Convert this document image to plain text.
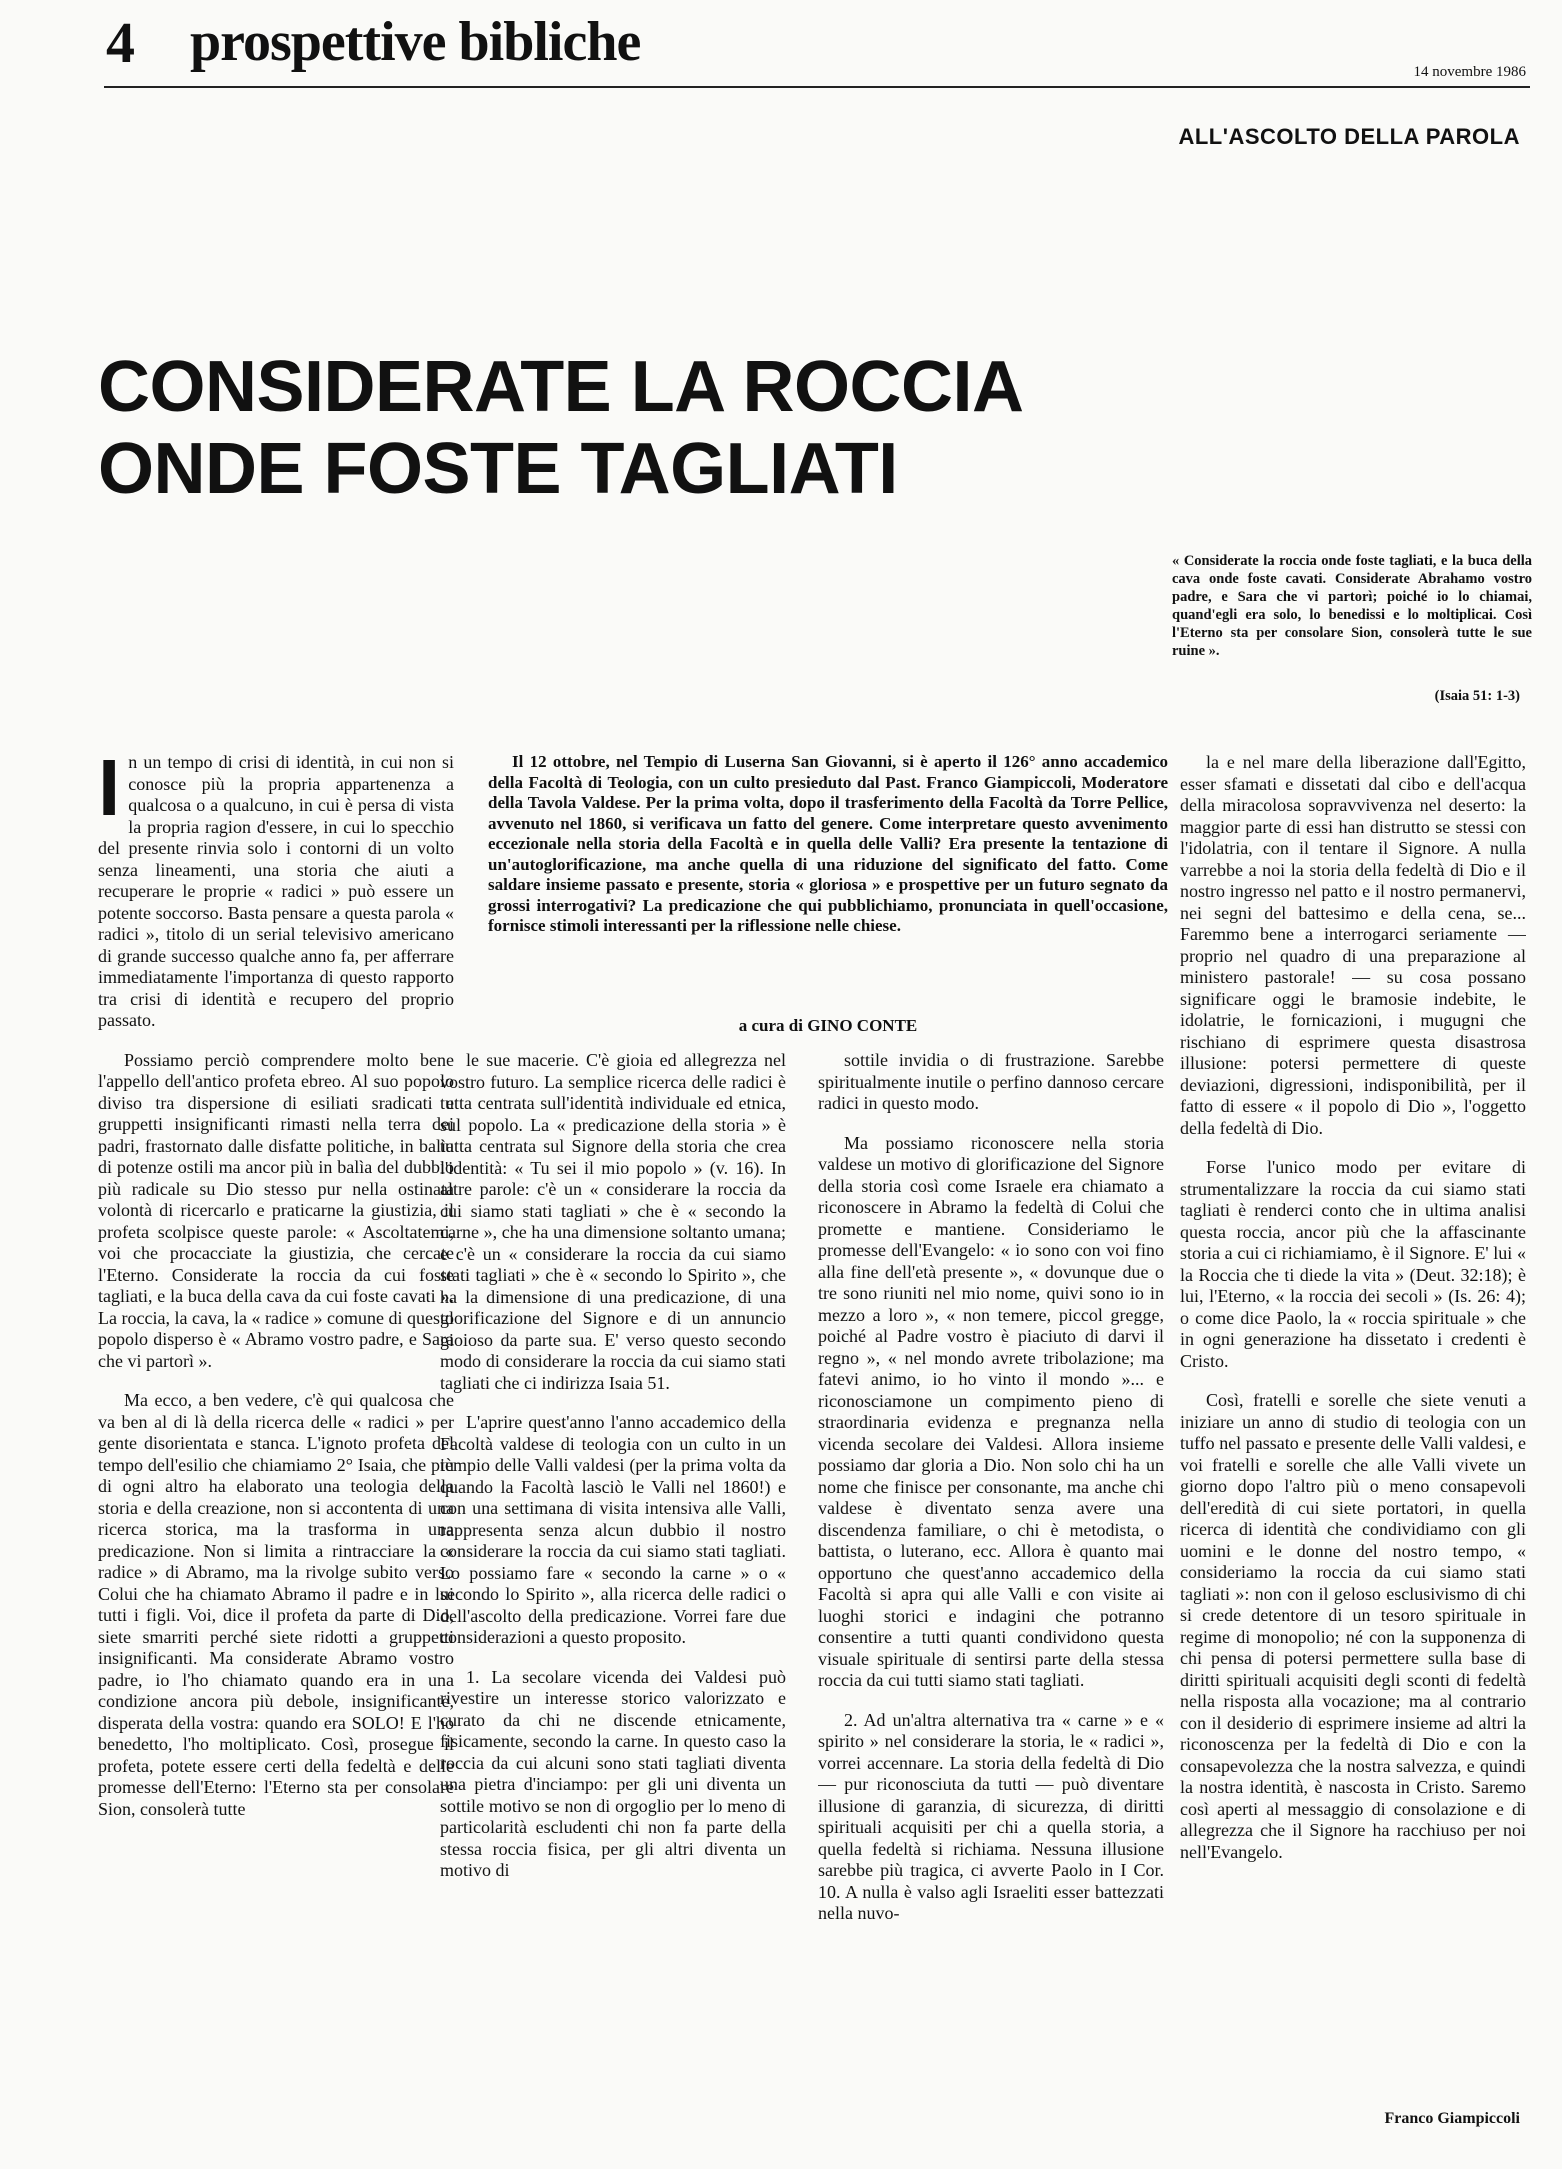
4 prospettive bibliche	14 novembre 1986
ALL'ASCOLTO DELLA PAROLA
CONSIDERATE LA ROCCIA
ONDE FOSTE TAGLIATI
« Considerate la roccia onde foste tagliati, e la buca della cava onde foste cavati. Considerate Abrahamo vostro padre, e Sara che vi partorì; poiché io lo chiamai, quand'egli era solo, lo benedissi e lo moltiplicai. Così l'Eterno sta per consolare Sion, consolerà tutte le sue ruine ».
(Isaia 51: 1-3)

Il 12 ottobre, nel Tempio di Luserna San Giovanni, si è aperto il 126° anno accademico della Facoltà di Teologia, con un culto presieduto dal Past. Franco Giampiccoli, Moderatore della Tavola Valdese. Per la prima volta, dopo il trasferimento della Facoltà da Torre Pellice, avvenuto nel 1860, si verificava un fatto del genere. Come interpretare questo avvenimento eccezionale nella storia della Facoltà e in quella delle Valli? Era presente la tentazione di un'autoglorificazione, ma anche quella di una riduzione del significato del fatto. Come saldare insieme passato e presente, storia « gloriosa » e prospettive per un futuro segnato da grossi interrogativi? La predicazione che qui pubblichiamo, pronunciata in quell'occasione, fornisce stimoli interessanti per la riflessione nelle chiese.

a cura di GINO CONTE

In un tempo di crisi di identità, in cui non si conosce più la propria appartenenza a qualcosa o a qualcuno, in cui è persa di vista la propria ragion d'essere, in cui lo specchio del presente rinvia solo i contorni di un volto senza lineamenti, una storia che aiuti a recuperare le proprie « radici » può essere un potente soccorso. Basta pensare a questa parola « radici », titolo di un serial televisivo americano di grande successo qualche anno fa, per afferrare immediatamente l'importanza di questo rapporto tra crisi di identità e recupero del proprio passato.

Possiamo perciò comprendere molto bene l'appello dell'antico profeta ebreo. Al suo popolo diviso tra dispersione di esiliati sradicati e gruppetti insignificanti rimasti nella terra dei padri, frastornato dalle disfatte politiche, in balìa di potenze ostili ma ancor più in balìa del dubbio più radicale su Dio stesso pur nella ostinata volontà di ricercarlo e praticarne la giustizia, il profeta scolpisce queste parole: « Ascoltatemi, voi che procacciate la giustizia, che cercate l'Eterno. Considerate la roccia da cui foste tagliati, e la buca della cava da cui foste cavati ». La roccia, la cava, la « radice » comune di questo popolo disperso è « Abramo vostro padre, e Sara che vi partorì ».

Ma ecco, a ben vedere, c'è qui qualcosa che va ben al di là della ricerca delle « radici » per gente disorientata e stanca. L'ignoto profeta del tempo dell'esilio che chiamiamo 2° Isaia, che più di ogni altro ha elaborato una teologia della storia e della creazione, non si accontenta di una ricerca storica, ma la trasforma in una predicazione. Non si limita a rintracciare la « radice » di Abramo, ma la rivolge subito verso Colui che ha chiamato Abramo il padre e in lui tutti i figli. Voi, dice il profeta da parte di Dio, siete smarriti perché siete ridotti a gruppetti insignificanti. Ma considerate Abramo vostro padre, io l'ho chiamato quando era in una condizione ancora più debole, insignificante, disperata della vostra: quando era SOLO! E l'ho benedetto, l'ho moltiplicato. Così, prosegue il profeta, potete essere certi della fedeltà e delle promesse dell'Eterno: l'Eterno sta per consolare Sion, consolerà tutte

le sue macerie. C'è gioia ed allegrezza nel vostro futuro. La semplice ricerca delle radici è tutta centrata sull'identità individuale ed etnica, sul popolo. La « predicazione della storia » è tutta centrata sul Signore della storia che crea l'identità: « Tu sei il mio popolo » (v. 16). In altre parole: c'è un « considerare la roccia da cui siamo stati tagliati » che è « secondo la carne », che ha una dimensione soltanto umana; e c'è un « considerare la roccia da cui siamo stati tagliati » che è « secondo lo Spirito », che ha la dimensione di una predicazione, di una glorificazione del Signore e di un annuncio gioioso da parte sua. E' verso questo secondo modo di considerare la roccia da cui siamo stati tagliati che ci indirizza Isaia 51.

L'aprire quest'anno l'anno accademico della Facoltà valdese di teologia con un culto in un tempio delle Valli valdesi (per la prima volta da quando la Facoltà lasciò le Valli nel 1860!) e con una settimana di visita intensiva alle Valli, rappresenta senza alcun dubbio il nostro considerare la roccia da cui siamo stati tagliati. Lo possiamo fare « secondo la carne » o « secondo lo Spirito », alla ricerca delle radici o dell'ascolto della predicazione. Vorrei fare due considerazioni a questo proposito.

1. La secolare vicenda dei Valdesi può rivestire un interesse storico valorizzato e curato da chi ne discende etnicamente, fisicamente, secondo la carne. In questo caso la roccia da cui alcuni sono stati tagliati diventa una pietra d'inciampo: per gli uni diventa un sottile motivo se non di orgoglio per lo meno di particolarità escludenti chi non fa parte della stessa roccia fisica, per gli altri diventa un motivo di

sottile invidia o di frustrazione. Sarebbe spiritualmente inutile o perfino dannoso cercare radici in questo modo.

Ma possiamo riconoscere nella storia valdese un motivo di glorificazione del Signore della storia così come Israele era chiamato a riconoscere in Abramo la fedeltà di Colui che promette e mantiene. Consideriamo le promesse dell'Evangelo: « io sono con voi fino alla fine dell'età presente », « dovunque due o tre sono riuniti nel mio nome, quivi sono io in mezzo a loro », « non temere, piccol gregge, poiché al Padre vostro è piaciuto di darvi il regno », « nel mondo avrete tribolazione; ma fatevi animo, io ho vinto il mondo »... e riconosciamone un compimento pieno di straordinaria evidenza e pregnanza nella vicenda secolare dei Valdesi. Allora insieme possiamo dar gloria a Dio. Non solo chi ha un nome che finisce per consonante, ma anche chi valdese è diventato senza avere una discendenza familiare, o chi è metodista, o battista, o luterano, ecc. Allora è quanto mai opportuno che quest'anno accademico della Facoltà si apra qui alle Valli e con visite ai luoghi storici e indagini che potranno consentire a tutti quanti condividono questa visuale spirituale di sentirsi parte della stessa roccia da cui tutti siamo stati tagliati.

2. Ad un'altra alternativa tra « carne » e « spirito » nel considerare la storia, le « radici », vorrei accennare. La storia della fedeltà di Dio — pur riconosciuta da tutti — può diventare illusione di garanzia, di sicurezza, di diritti spirituali acquisiti per chi a quella storia, a quella fedeltà si richiama. Nessuna illusione sarebbe più tragica, ci avverte Paolo in I Cor. 10. A nulla è valso agli Israeliti esser battezzati nella nuvo-

la e nel mare della liberazione dall'Egitto, esser sfamati e dissetati dal cibo e dell'acqua della miracolosa sopravvivenza nel deserto: la maggior parte di essi han distrutto se stessi con l'idolatria, con il tentare il Signore. A nulla varrebbe a noi la storia della fedeltà di Dio e il nostro ingresso nel patto e il nostro permanervi, nei segni del battesimo e della cena, se... Faremmo bene a interrogarci seriamente — proprio nel quadro di una preparazione al ministero pastorale! — su cosa possano significare oggi le bramosie indebite, le idolatrie, le fornicazioni, i mugugni che rischiano di esprimere questa disastrosa illusione: potersi permettere di queste deviazioni, digressioni, indisponibilità, per il fatto di essere « il popolo di Dio », l'oggetto della fedeltà di Dio.

Forse l'unico modo per evitare di strumentalizzare la roccia da cui siamo stati tagliati è renderci conto che in ultima analisi questa roccia, ancor più che la affascinante storia a cui ci richiamiamo, è il Signore. E' lui « la Roccia che ti diede la vita » (Deut. 32:18); è lui, l'Eterno, « la roccia dei secoli » (Is. 26: 4); o come dice Paolo, la « roccia spirituale » che in ogni generazione ha dissetato i credenti è Cristo.

Così, fratelli e sorelle che siete venuti a iniziare un anno di studio di teologia con un tuffo nel passato e presente delle Valli valdesi, e voi fratelli e sorelle che alle Valli vivete un giorno dopo l'altro più o meno consapevoli dell'eredità di cui siete portatori, in quella ricerca di identità che condividiamo con gli uomini e le donne del nostro tempo, « consideriamo la roccia da cui siamo stati tagliati »: non con il geloso esclusivismo di chi si crede detentore di un tesoro spirituale in regime di monopolio; né con la supponenza di chi pensa di potersi permettere sulla base di diritti spirituali acquisiti degli sconti di fedeltà nella risposta alla vocazione; ma al contrario con il desiderio di esprimere insieme ad altri la riconoscenza per la fedeltà di Dio e con la consapevolezza che la nostra salvezza, e quindi la nostra identità, è nascosta in Cristo. Saremo così aperti al messaggio di consolazione e di allegrezza che il Signore ha racchiuso per noi nell'Evangelo.

Franco Giampiccoli
